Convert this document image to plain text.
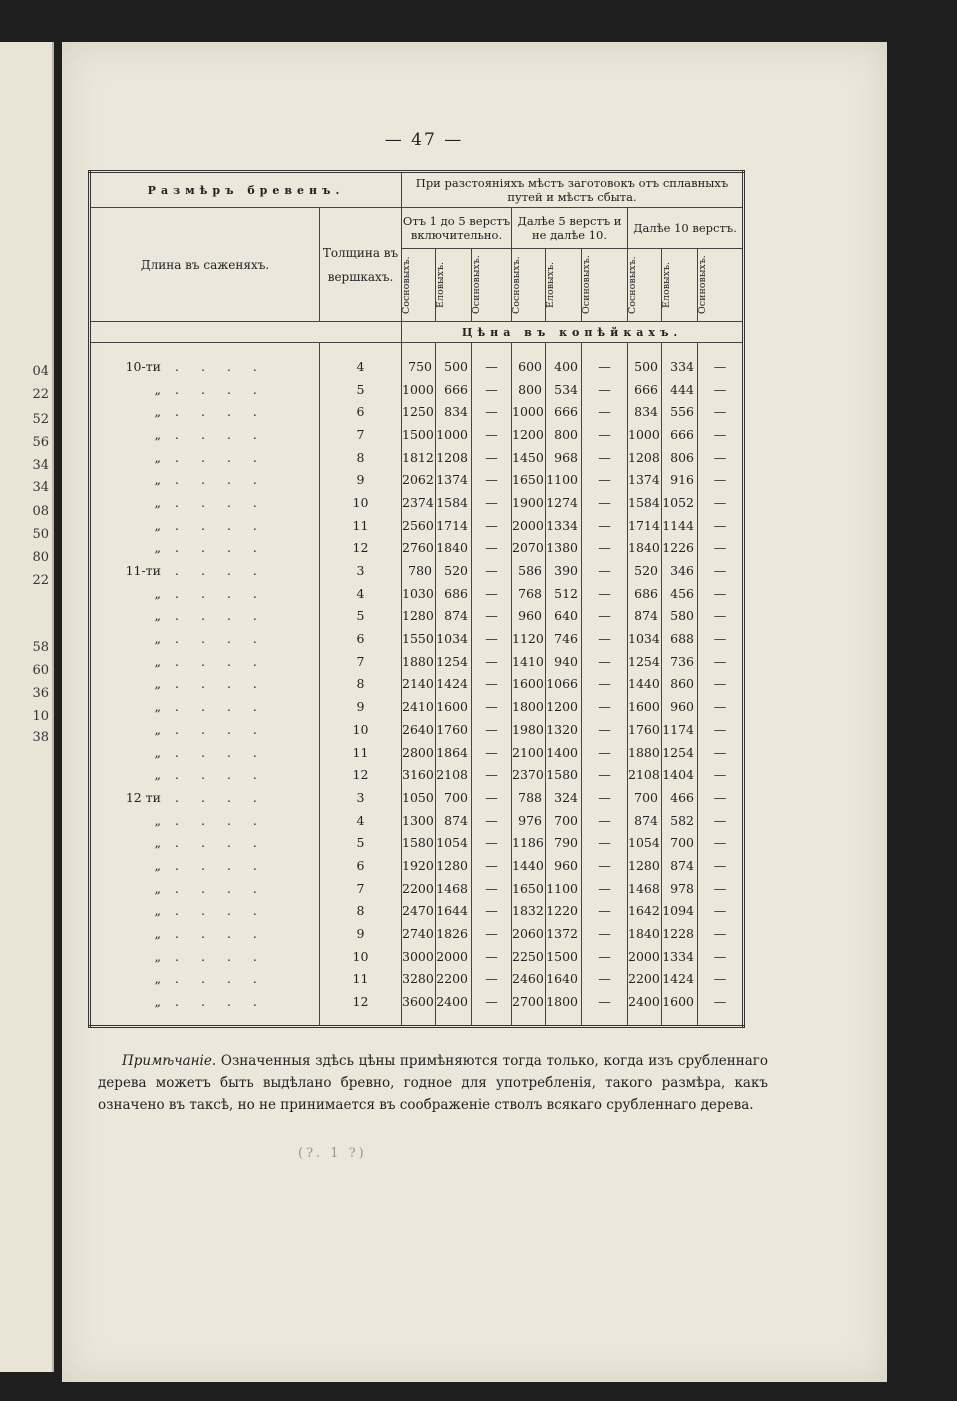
04
22
52
56
34
34
08
50
80
22
58
60
36
10
38
— 47 —
Размѣръ бревенъ.		При разстояніяхъ мѣстъ заготовокъ отъ сплавныхъ путей и мѣстъ сбыта.								
Длина въ саженяхъ.	Толщина въ вершкахъ.	Отъ 1 до 5 верстъ включительно.			Далѣе 5 верстъ и не далѣе 10.			Далѣе 10 верстъ.		

		Сосновыхъ.	Еловыхъ.	Осиновыхъ.	Сосновыхъ.	Еловыхъ.	Осиновыхъ.	Сосновыхъ.	Еловыхъ.	Осиновыхъ.

		Цѣна въ копѣйкахъ.								
10-ти ....	4	750	500	—	600	400	—	500	334	—
„ ....	5	1000	666	—	800	534	—	666	444	—
„ ....	6	1250	834	—	1000	666	—	834	556	—
„ ....	7	1500	1000	—	1200	800	—	1000	666	—
„ ....	8	1812	1208	—	1450	968	—	1208	806	—
„ ....	9	2062	1374	—	1650	1100	—	1374	916	—
„ ....	10	2374	1584	—	1900	1274	—	1584	1052	—
„ ....	11	2560	1714	—	2000	1334	—	1714	1144	—
„ ....	12	2760	1840	—	2070	1380	—	1840	1226	—
11-ти ....	3	780	520	—	586	390	—	520	346	—
„ ....	4	1030	686	—	768	512	—	686	456	—
„ ....	5	1280	874	—	960	640	—	874	580	—
„ ....	6	1550	1034	—	1120	746	—	1034	688	—
„ ....	7	1880	1254	—	1410	940	—	1254	736	—
„ ....	8	2140	1424	—	1600	1066	—	1440	860	—
„ ....	9	2410	1600	—	1800	1200	—	1600	960	—
„ ....	10	2640	1760	—	1980	1320	—	1760	1174	—
„ ....	11	2800	1864	—	2100	1400	—	1880	1254	—
„ ....	12	3160	2108	—	2370	1580	—	2108	1404	—
12 ти ....	3	1050	700	—	788	324	—	700	466	—
„ ....	4	1300	874	—	976	700	—	874	582	—
„ ....	5	1580	1054	—	1186	790	—	1054	700	—
„ ....	6	1920	1280	—	1440	960	—	1280	874	—
„ ....	7	2200	1468	—	1650	1100	—	1468	978	—
„ ....	8	2470	1644	—	1832	1220	—	1642	1094	—
„ ....	9	2740	1826	—	2060	1372	—	1840	1228	—
„ ....	10	3000	2000	—	2250	1500	—	2000	1334	—
„ ....	11	3280	2200	—	2460	1640	—	2200	1424	—
„ ....	12	3600	2400	—	2700	1800	—	2400	1600	—
Примѣчаніе. Означенныя здѣсь цѣны примѣняются тогда только, когда изъ срубленнаго дерева можетъ быть выдѣлано бревно, годное для употребленія, такого размѣра, какъ означено въ таксѣ, но не принимается въ соображеніе стволъ всякаго срубленнаго дерева.
(?. 1 ?)
